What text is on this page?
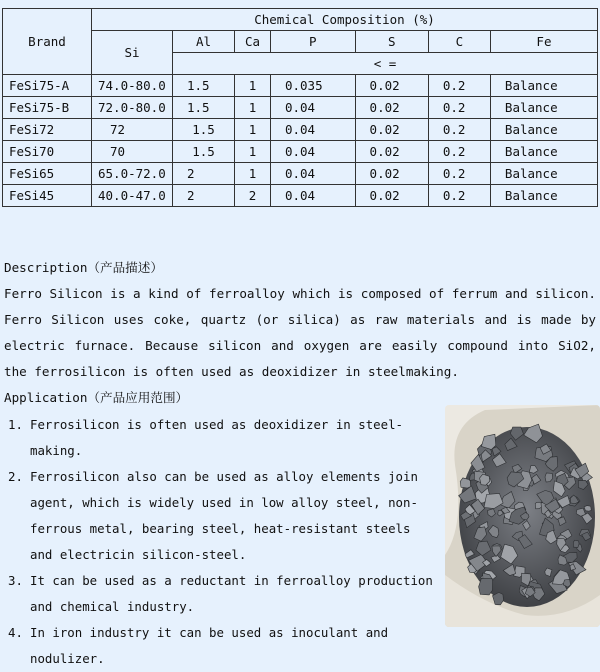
Brand	Chemical Composition (%)						
	Si	Al	Ca	P	S	C	Fe
		< =					
FeSi75-A	74.0-80.0	1.5	1	0.035	0.02	0.2	Balance
FeSi75-B	72.0-80.0	1.5	1	0.04	0.02	0.2	Balance
FeSi72	72	1.5	1	0.04	0.02	0.2	Balance
FeSi70	70	1.5	1	0.04	0.02	0.2	Balance
FeSi65	65.0-72.0	2	1	0.04	0.02	0.2	Balance
FeSi45	40.0-47.0	2	2	0.04	0.02	0.2	Balance

Description（产品描述）

Ferro Silicon is a kind of ferroalloy which is composed of ferrum and silicon. Ferro Silicon uses coke, quartz (or silica) as raw materials and is made by electric furnace. Because silicon and oxygen are easily compound into SiO2, the ferrosilicon is often used as deoxidizer in steelmaking.

Application（产品应用范围）

1. Ferrosilicon is often used as deoxidizer in steel- making.
2. Ferrosilicon also can be used as alloy elements join agent, which is widely used in low alloy steel, non-ferrous metal, bearing steel, heat-resistant steels and electricin silicon-steel.
3. It can be used as a reductant in ferroalloy production and chemical industry.
4. In iron industry it can be used as inoculant and nodulizer.
